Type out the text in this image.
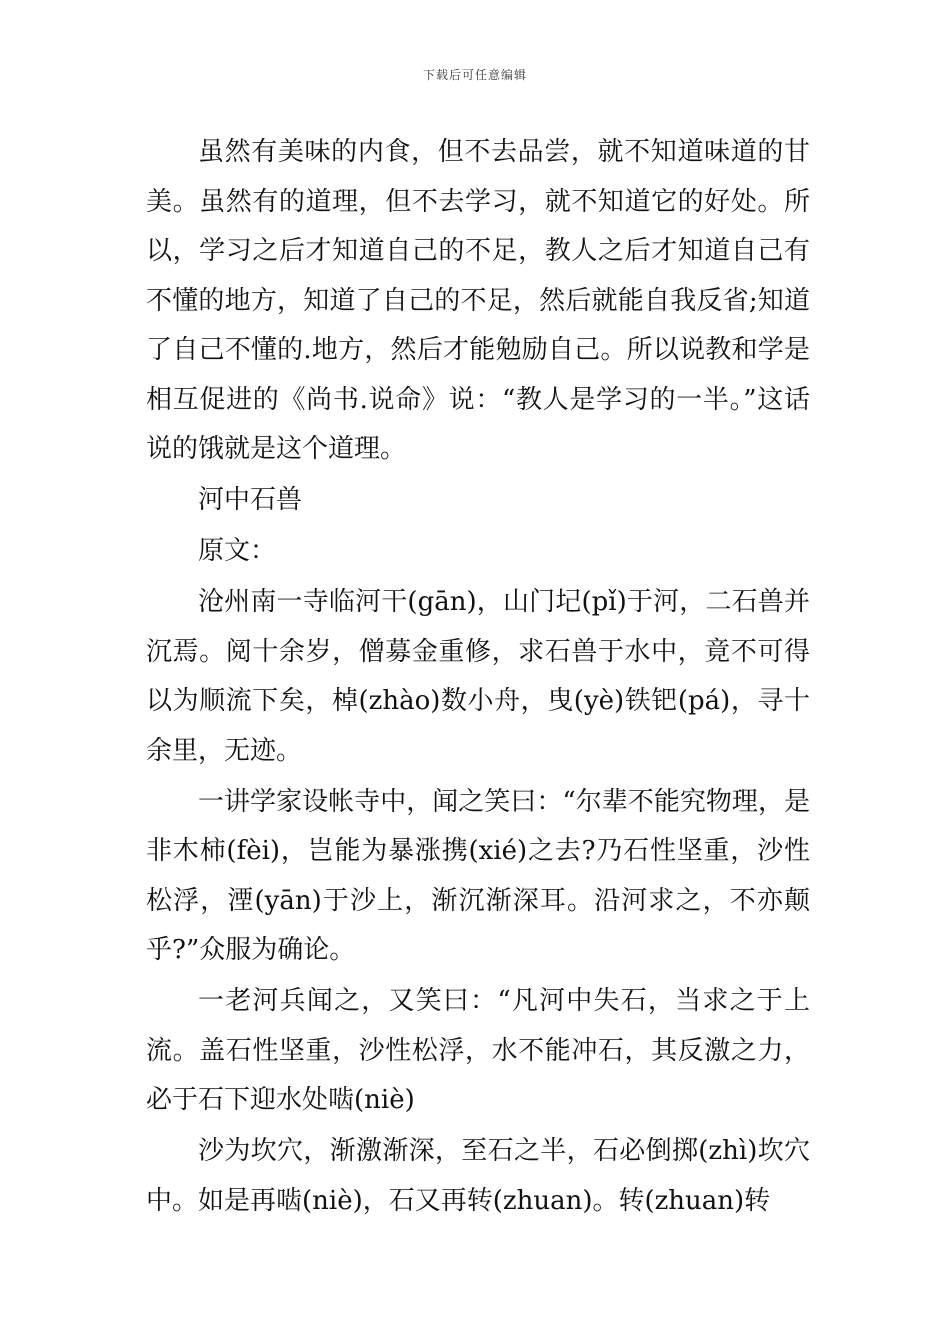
下载后可任意编辑

虽然有美味的内食，但不去品尝，就不知道味道的甘美。虽然有的道理，但不去学习，就不知道它的好处。所以，学习之后才知道自己的不足，教人之后才知道自己有不懂的地方，知道了自己的不足，然后就能自我反省;知道了自己不懂的.地方，然后才能勉励自己。所以说教和学是相互促进的《尚书.说命》说：“教人是学习的一半。”这话说的饿就是这个道理。

河中石兽

原文：

沧州南一寺临河干(gān)，山门圮(pǐ)于河，二石兽并沉焉。阅十余岁，僧募金重修，求石兽于水中，竟不可得以为顺流下矣，棹(zhào)数小舟，曳(yè)铁钯(pá)，寻十余里，无迹。

一讲学家设帐寺中，闻之笑曰：“尔辈不能究物理，是非木柿(fèi)，岂能为暴涨携(xié)之去?乃石性坚重，沙性松浮，湮(yān)于沙上，渐沉渐深耳。沿河求之，不亦颠乎?”众服为确论。

一老河兵闻之，又笑曰：“凡河中失石，当求之于上流。盖石性坚重，沙性松浮，水不能冲石，其反激之力，必于石下迎水处啮(niè)

沙为坎穴，渐激渐深，至石之半，石必倒掷(zhì)坎穴中。如是再啮(niè)，石又再转(zhuan)。转(zhuan)转
